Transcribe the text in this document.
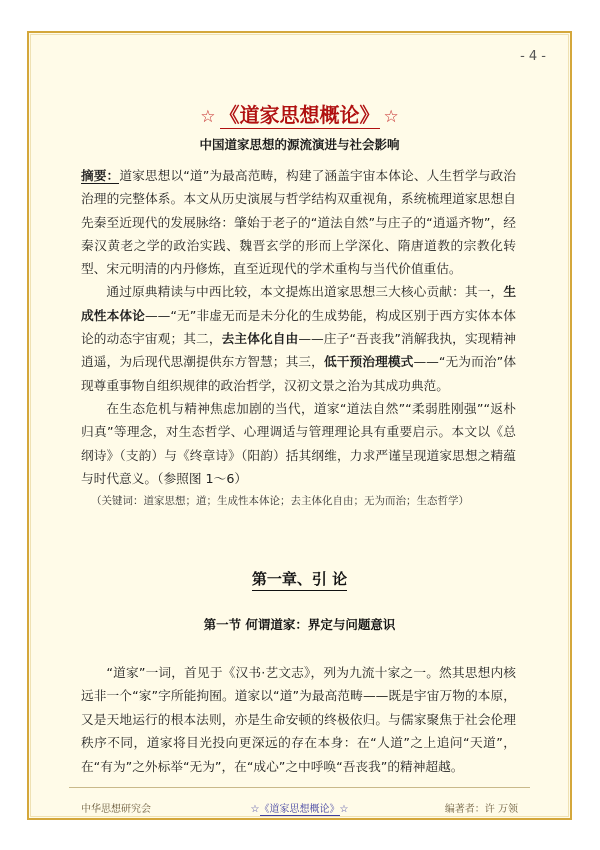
- 4 -
☆ 《道家思想概论》 ☆
中国道家思想的源流演进与社会影响

摘要：道家思想以“道”为最高范畴，构建了涵盖宇宙本体论、人生哲学与政治治理的完整体系。本文从历史演展与哲学结构双重视角，系统梳理道家思想自先秦至近现代的发展脉络：肇始于老子的“道法自然”与庄子的“逍遥齐物”，经秦汉黄老之学的政治实践、魏晋玄学的形而上学深化、隋唐道教的宗教化转型、宋元明清的内丹修炼，直至近现代的学术重构与当代价值重估。

通过原典精读与中西比较，本文提炼出道家思想三大核心贡献：其一，生成性本体论——“无”非虚无而是未分化的生成势能，构成区别于西方实体本体论的动态宇宙观；其二，去主体化自由——庄子“吾丧我”消解我执，实现精神逍遥，为后现代思潮提供东方智慧；其三，低干预治理模式——“无为而治”体现尊重事物自组织规律的政治哲学，汉初文景之治为其成功典范。

在生态危机与精神焦虑加剧的当代，道家“道法自然”“柔弱胜刚强”“返朴归真”等理念，对生态哲学、心理调适与管理理论具有重要启示。本文以《总纲诗》（支韵）与《终章诗》（阳韵）括其纲维，力求严谨呈现道家思想之精蕴与时代意义。（参照图 1～6）

（关键词：道家思想；道；生成性本体论；去主体化自由；无为而治；生态哲学）

第一章、引 论
第一节 何谓道家：界定与问题意识

“道家”一词，首见于《汉书·艺文志》，列为九流十家之一。然其思想内核远非一个“家”字所能拘囿。道家以“道”为最高范畴——既是宇宙万物的本原，又是天地运行的根本法则，亦是生命安顿的终极依归。与儒家聚焦于社会伦理秩序不同，道家将目光投向更深远的存在本身：在“人道”之上追问“天道”，在“有为”之外标举“无为”，在“成心”之中呼唤“吾丧我”的精神超越。

中华思想研究会	☆《道家思想概论》☆	编著者：许 万领
